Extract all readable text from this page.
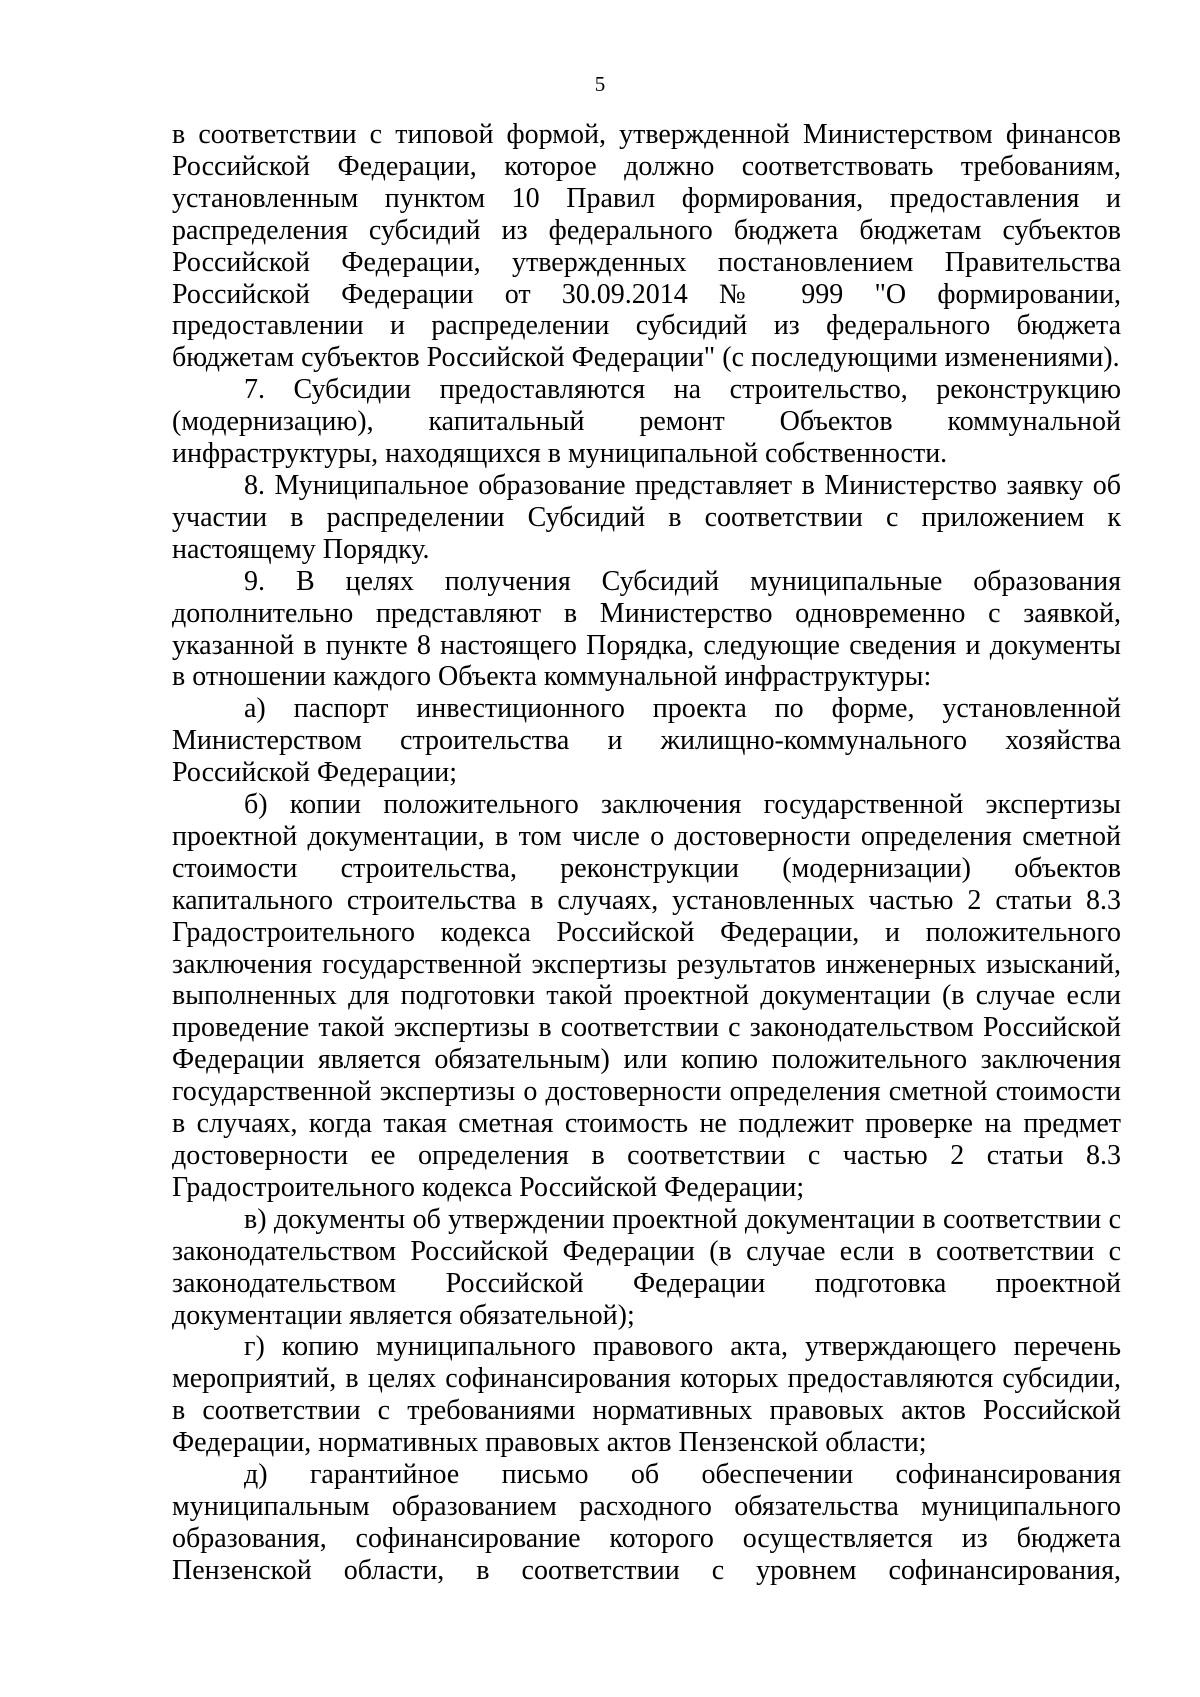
5

в соответствии с типовой формой, утвержденной Министерством финансов Российской Федерации, которое должно соответствовать требованиям, установленным пунктом 10 Правил формирования, предоставления и распределения субсидий из федерального бюджета бюджетам субъектов Российской Федерации, утвержденных постановлением Правительства Российской Федерации от 30.09.2014 № 999 "О формировании, предоставлении и распределении субсидий из федерального бюджета бюджетам субъектов Российской Федерации" (с последующими изменениями).

7. Субсидии предоставляются на строительство, реконструкцию (модернизацию), капитальный ремонт Объектов коммунальной инфраструктуры, находящихся в муниципальной собственности.

8. Муниципальное образование представляет в Министерство заявку об участии в распределении Субсидий в соответствии с приложением к настоящему Порядку.

9. В целях получения Субсидий муниципальные образования дополнительно представляют в Министерство одновременно с заявкой, указанной в пункте 8 настоящего Порядка, следующие сведения и документы в отношении каждого Объекта коммунальной инфраструктуры:

а) паспорт инвестиционного проекта по форме, установленной Министерством строительства и жилищно-коммунального хозяйства Российской Федерации;

б) копии положительного заключения государственной экспертизы проектной документации, в том числе о достоверности определения сметной стоимости строительства, реконструкции (модернизации) объектов капитального строительства в случаях, установленных частью 2 статьи 8.3 Градостроительного кодекса Российской Федерации, и положительного заключения государственной экспертизы результатов инженерных изысканий, выполненных для подготовки такой проектной документации (в случае если проведение такой экспертизы в соответствии с законодательством Российской Федерации является обязательным) или копию положительного заключения государственной экспертизы о достоверности определения сметной стоимости в случаях, когда такая сметная стоимость не подлежит проверке на предмет достоверности ее определения в соответствии с частью 2 статьи 8.3 Градостроительного кодекса Российской Федерации;

в) документы об утверждении проектной документации в соответствии с законодательством Российской Федерации (в случае если в соответствии с законодательством Российской Федерации подготовка проектной документации является обязательной);

г) копию муниципального правового акта, утверждающего перечень мероприятий, в целях софинансирования которых предоставляются субсидии, в соответствии с требованиями нормативных правовых актов Российской Федерации, нормативных правовых актов Пензенской области;

д) гарантийное письмо об обеспечении софинансирования муниципальным образованием расходного обязательства муниципального образования, софинансирование которого осуществляется из бюджета Пензенской области, в соответствии с уровнем софинансирования,
